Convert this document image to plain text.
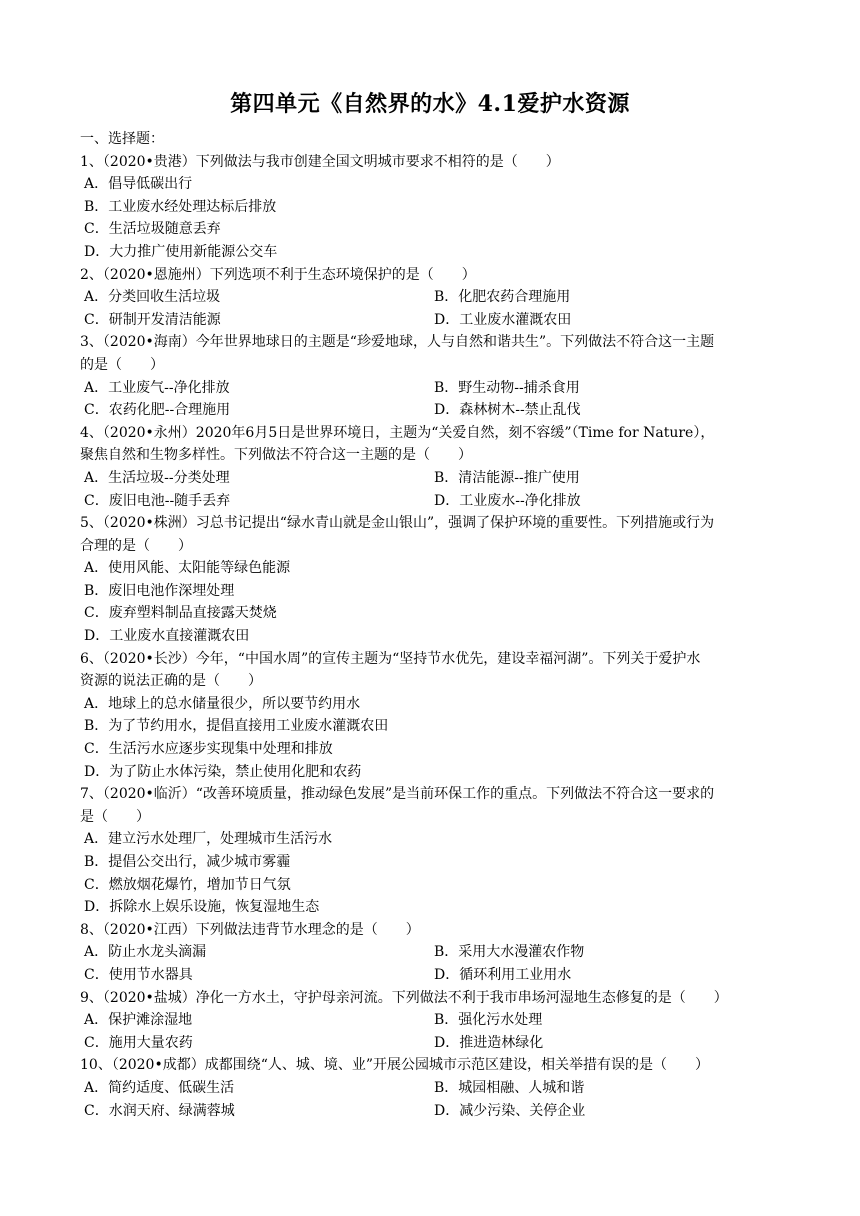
第四单元《自然界的水》4.1爱护水资源
一、选择题：
1、（2020•贵港）下列做法与我市创建全国文明城市要求不相符的是（　　）
A．倡导低碳出行
B．工业废水经处理达标后排放
C．生活垃圾随意丢弃
D．大力推广使用新能源公交车
2、（2020•恩施州）下列选项不利于生态环境保护的是（　　）
A．分类回收生活垃圾	B．化肥农药合理施用
C．研制开发清洁能源	D．工业废水灌溉农田
3、（2020•海南）今年世界地球日的主题是“珍爱地球，人与自然和谐共生”。下列做法不符合这一主题
的是（　　）
A．工业废气--净化排放	B．野生动物--捕杀食用
C．农药化肥--合理施用	D．森林树木--禁止乱伐
4、（2020•永州）2020年6月5日是世界环境日，主题为“关爱自然，刻不容缓”（Time for Nature），
聚焦自然和生物多样性。下列做法不符合这一主题的是（　　）
A．生活垃圾--分类处理	B．清洁能源--推广使用
C．废旧电池--随手丢弃	D．工业废水--净化排放
5、（2020•株洲）习总书记提出“绿水青山就是金山银山”，强调了保护环境的重要性。下列措施或行为
合理的是（　　）
A．使用风能、太阳能等绿色能源
B．废旧电池作深埋处理
C．废弃塑料制品直接露天焚烧
D．工业废水直接灌溉农田
6、（2020•长沙）今年，“中国水周”的宣传主题为“坚持节水优先，建设幸福河湖”。下列关于爱护水
资源的说法正确的是（　　）
A．地球上的总水储量很少，所以要节约用水
B．为了节约用水，提倡直接用工业废水灌溉农田
C．生活污水应逐步实现集中处理和排放
D．为了防止水体污染，禁止使用化肥和农药
7、（2020•临沂）“改善环境质量，推动绿色发展”是当前环保工作的重点。下列做法不符合这一要求的
是（　　）
A．建立污水处理厂，处理城市生活污水
B．提倡公交出行，减少城市雾霾
C．燃放烟花爆竹，增加节日气氛
D．拆除水上娱乐设施，恢复湿地生态
8、（2020•江西）下列做法违背节水理念的是（　　）
A．防止水龙头滴漏	B．采用大水漫灌农作物
C．使用节水器具	D．循环利用工业用水
9、（2020•盐城）净化一方水土，守护母亲河流。下列做法不利于我市串场河湿地生态修复的是（　　）
A．保护滩涂湿地	B．强化污水处理
C．施用大量农药	D．推进造林绿化
10、（2020•成都）成都围绕“人、城、境、业”开展公园城市示范区建设，相关举措有误的是（　　）
A．简约适度、低碳生活	B．城园相融、人城和谐
C．水润天府、绿满蓉城	D．减少污染、关停企业
